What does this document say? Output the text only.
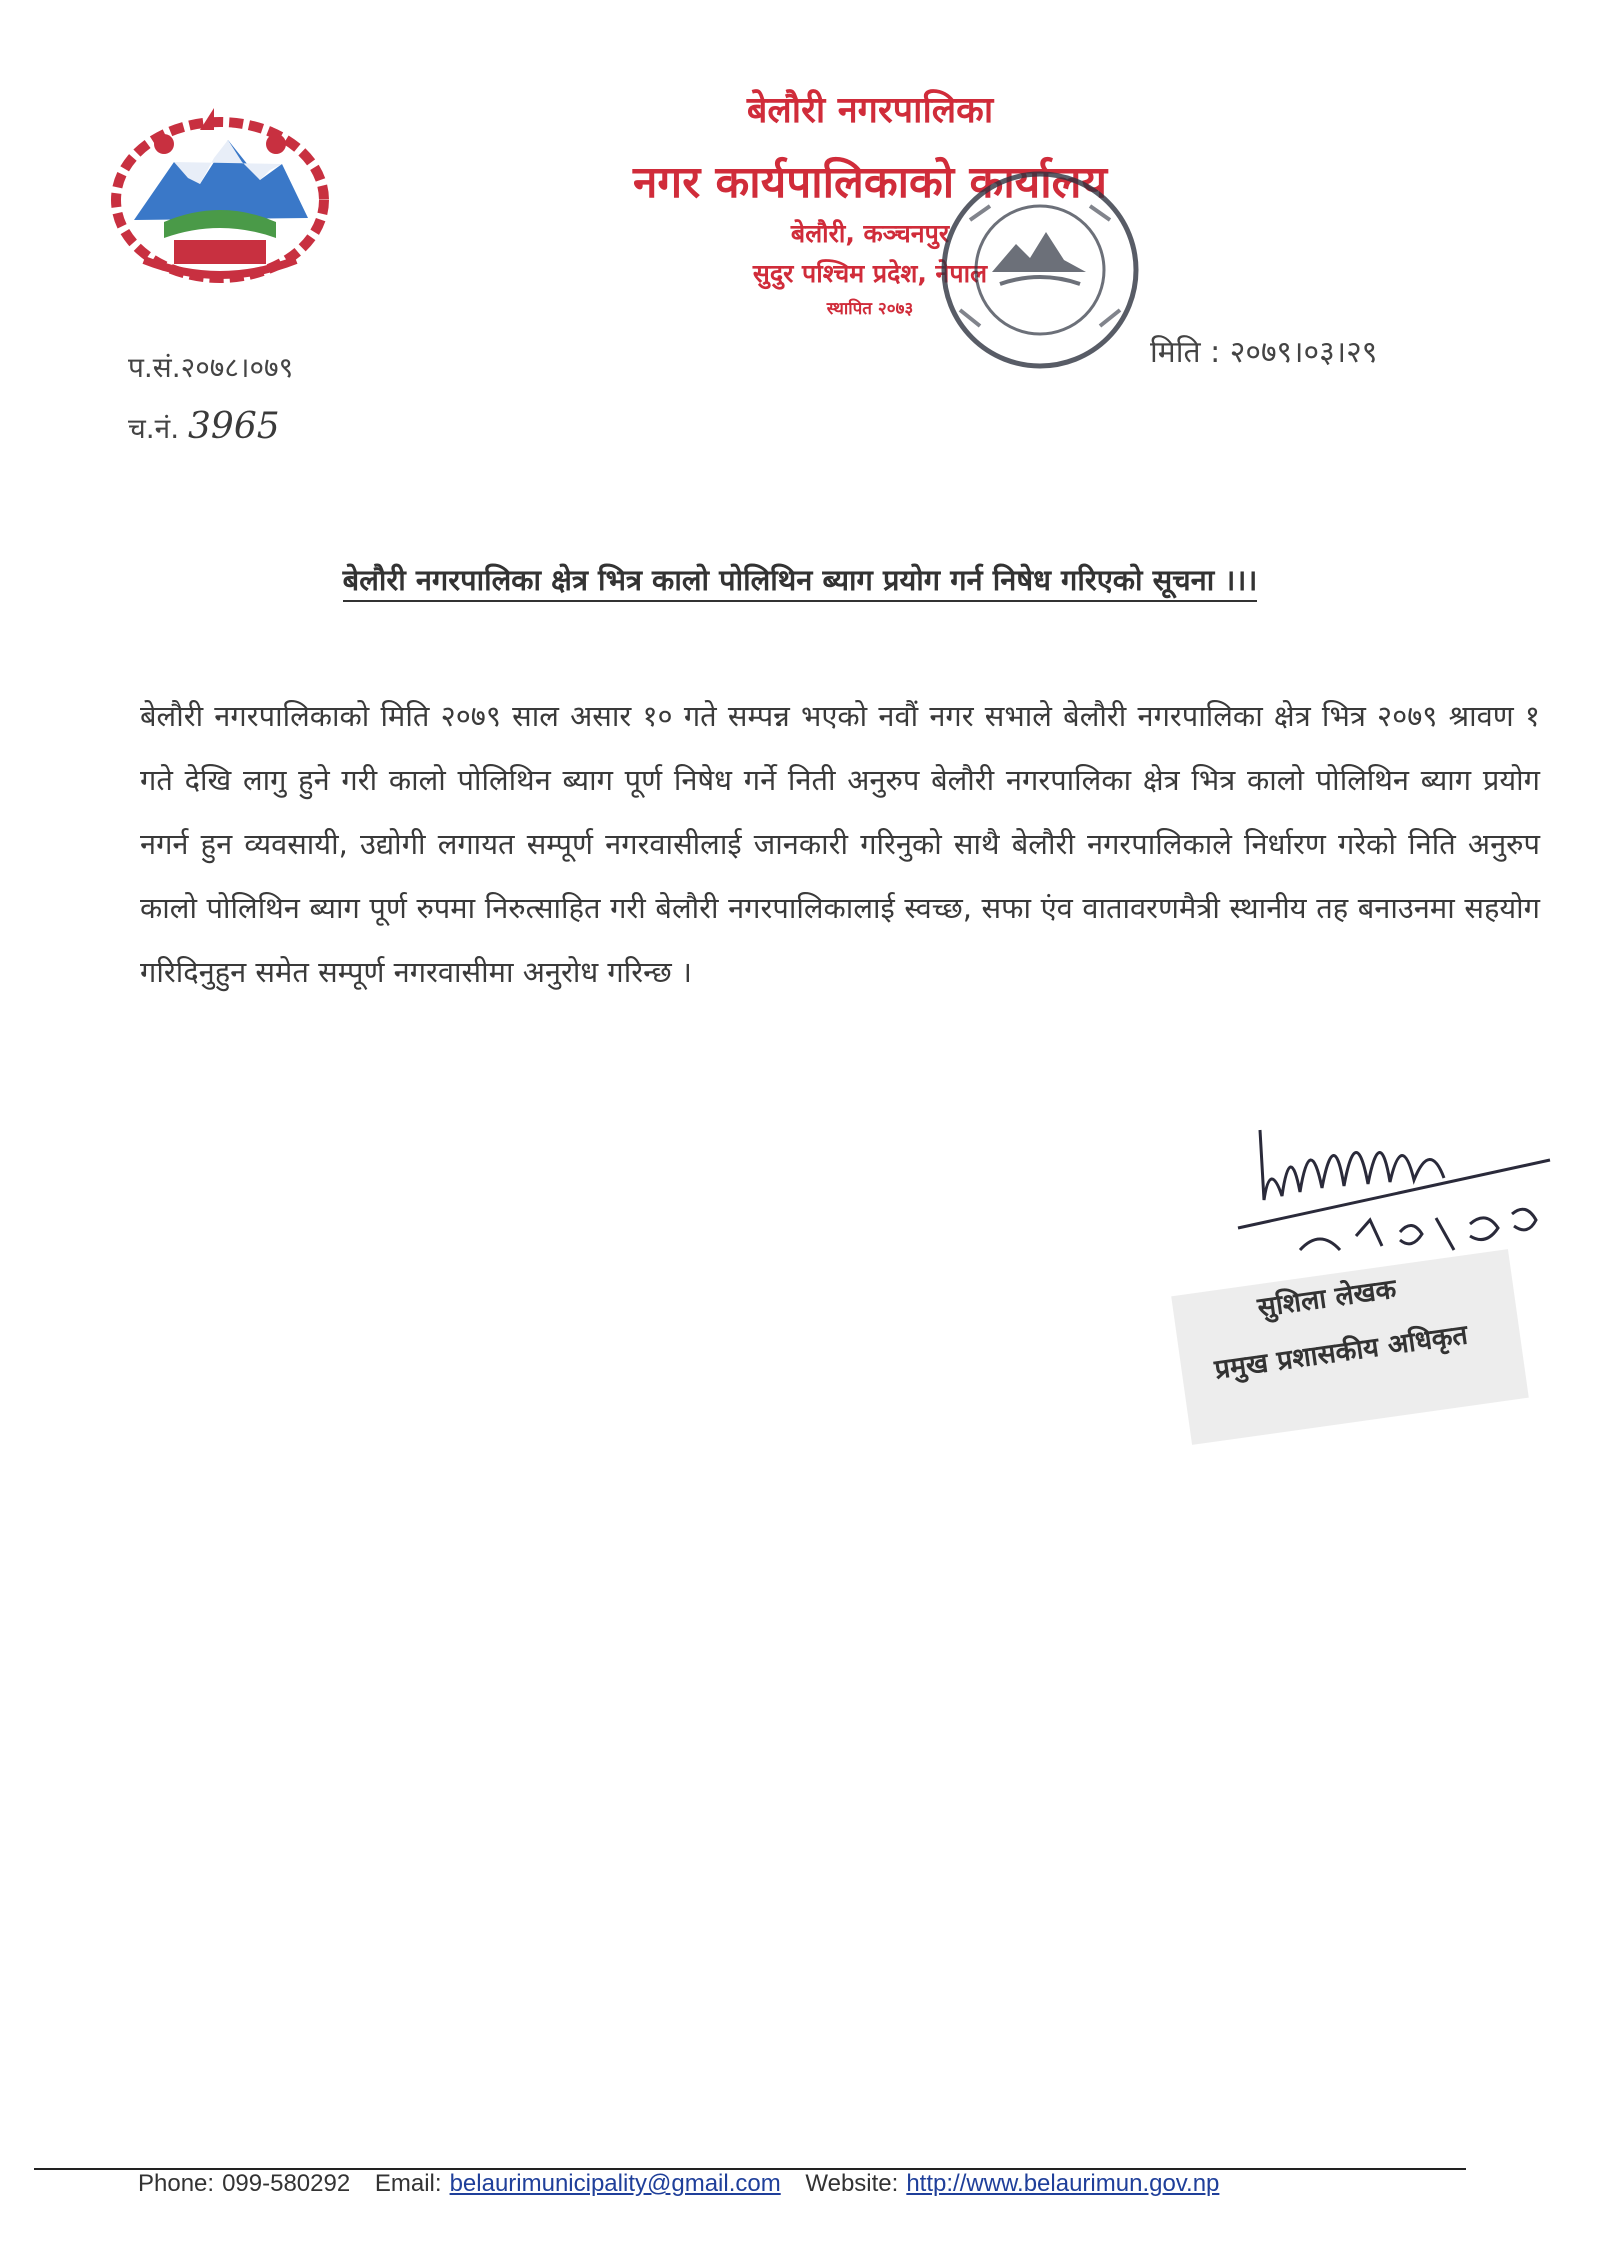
बेलौरी नगरपालिका
नगर कार्यपालिकाको कार्यालय
बेलौरी, कञ्चनपुर
सुदुर पश्चिम प्रदेश, नेपाल
स्थापित २०७३
प.सं.२०७८।०७९
च.नं. 3965
मिति : २०७९।०३।२९
बेलौरी नगरपालिका क्षेत्र भित्र कालो पोलिथिन ब्याग प्रयोग गर्न निषेध गरिएको सूचना ।।।
बेलौरी नगरपालिकाको मिति २०७९ साल असार १० गते सम्पन्न भएको नवौं नगर सभाले बेलौरी नगरपालिका क्षेत्र भित्र २०७९ श्रावण १ गते देखि लागु हुने गरी कालो पोलिथिन ब्याग पूर्ण निषेध गर्ने निती अनुरुप बेलौरी नगरपालिका क्षेत्र भित्र कालो पोलिथिन ब्याग प्रयोग नगर्न हुन व्यवसायी, उद्योगी लगायत सम्पूर्ण नगरवासीलाई जानकारी गरिनुको साथै बेलौरी नगरपालिकाले निर्धारण गरेको निति अनुरुप कालो पोलिथिन ब्याग पूर्ण रुपमा निरुत्साहित गरी बेलौरी नगरपालिकालाई स्वच्छ, सफा एंव वातावरणमैत्री स्थानीय तह बनाउनमा सहयोग गरिदिनुहुन समेत सम्पूर्ण नगरवासीमा अनुरोध गरिन्छ ।
सुशिला लेखक
प्रमुख प्रशासकीय अधिकृत
Phone: 099-580292 Email: belaurimunicipality@gmail.com Website: http://www.belaurimun.gov.np
